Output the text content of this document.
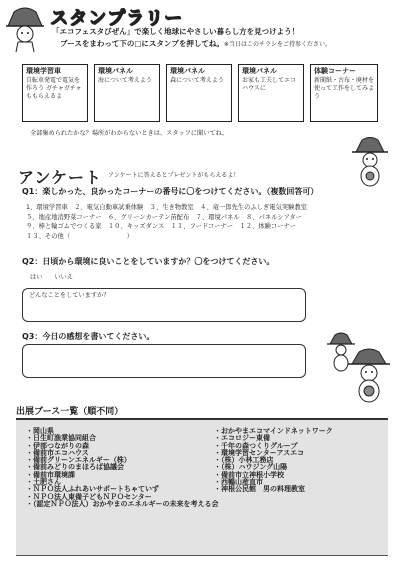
スタンプラリー
「エコフェスタびぜん」で楽しく地球にやさしい暮らし方を見つけよう！
ブースをまわって下の□にスタンプを押してね。※当日はこのチラシをご持参ください。
環境学習車
自転車発電で電気を作ろう ガチャガチャももらえるよ
環境パネル
海について考えよう
環境パネル
森について考えよう
環境パネル
お家も工夫してエコハウスに
体験コーナー
新聞紙・古布・廃材を使って工作をしてみよう
全部集められたかな？場所がわからないときは、スタッフに聞いてね。
アンケート アンケートに答えるとプレゼントがもらえるよ！
Q1：楽しかった、良かったコーナーの番号に〇をつけてください。（複数回答可）
1、環境学習車　２、電気自動車試乗体験　３、生き物教室　４、竜一郎先生のふしぎ電気実験教室
５、地産地消野菜コーナー　６、グリーンカーテン苗配布　７、環境パネル　８、パネルシアター
９、棒と輪ゴムでつくる家　１０、キッズダンス　１１、フードコーナー　１２、体験コーナー
１３、その他（　　　　　　　　　）
Q2：日頃から環境に良いことをしていますか？〇をつけてください。
はい いいえ
どんなことをしていますか？
Q3：今日の感想を書いてください。
出展ブース一覧（順不同）
・岡山県
・日生町漁業協同組合
・伊部つながりの森
・備前市エコハウス
・備前グリーンエネルギー（株）
・備前みどりのまほろば協議会
・備前市環境課
・土肥さん
・ＮＰＯ法人ふれあいサポートちゃていず
・ＮＰＯ法人東備子どもＮＰＯセンター
・（認定ＮＰＯ法人）おかやまのエネルギーの未来を考える会
・おかやまエコマインドネットワーク
・エコロジー東備
・千年の森つくりグループ
・環境学習センターアスエコ
・（株）小林工務店
・（株）ハウジング山陽
・備前市立神根小学校
・西鶴山産直市
・神根公民館　男の料理教室
